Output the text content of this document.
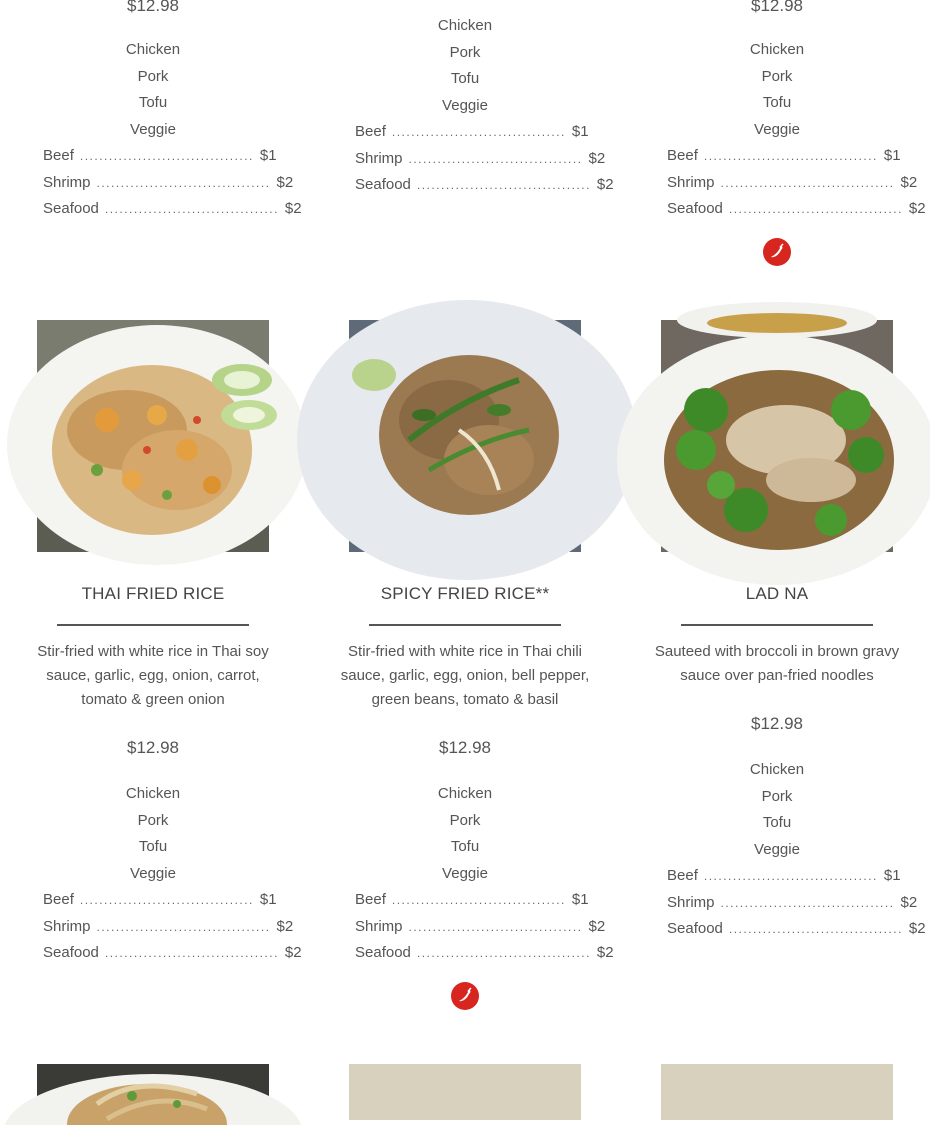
$12.98
Chicken
Pork
Tofu
Veggie
Beef .................................... $1
Shrimp .................................... $2
Seafood .................................... $2
Chicken
Pork
Tofu
Veggie
Beef .................................... $1
Shrimp .................................... $2
Seafood .................................... $2
$12.98
Chicken
Pork
Tofu
Veggie
Beef .................................... $1
Shrimp .................................... $2
Seafood .................................... $2
THAI FRIED RICE
Stir-fried with white rice in Thai soy sauce, garlic, egg, onion, carrot, tomato & green onion
$12.98
Chicken
Pork
Tofu
Veggie
Beef .................................... $1
Shrimp .................................... $2
Seafood .................................... $2
SPICY FRIED RICE**
Stir-fried with white rice in Thai chili sauce, garlic, egg, onion, bell pepper, green beans, tomato & basil
$12.98
Chicken
Pork
Tofu
Veggie
Beef .................................... $1
Shrimp .................................... $2
Seafood .................................... $2
LAD NA
Sauteed with broccoli in brown gravy sauce over pan-fried noodles
$12.98
Chicken
Pork
Tofu
Veggie
Beef .................................... $1
Shrimp .................................... $2
Seafood .................................... $2
